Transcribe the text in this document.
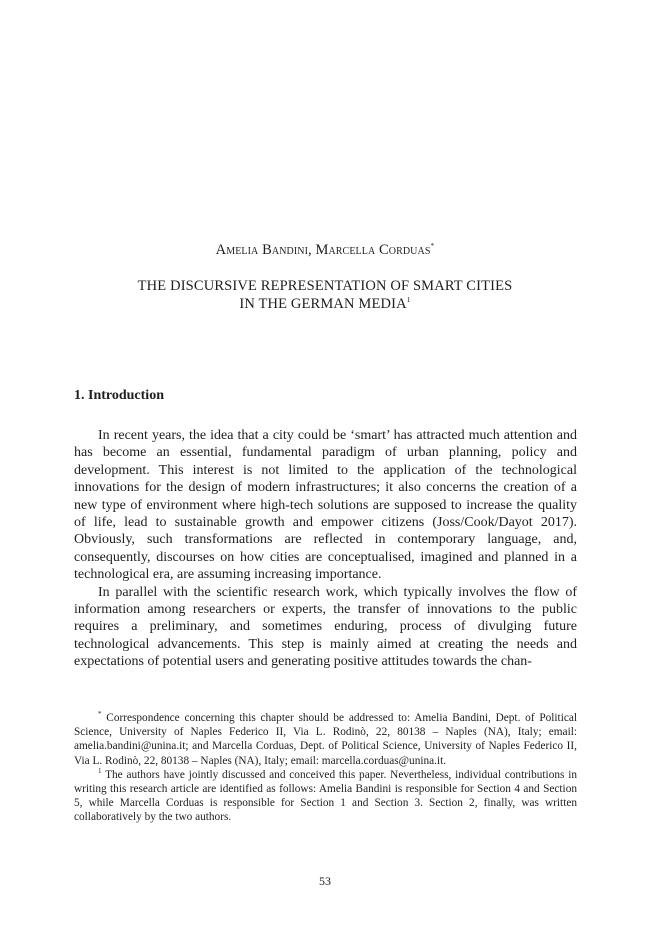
Amelia Bandini, Marcella Corduas*
THE DISCURSIVE REPRESENTATION OF SMART CITIES
IN THE GERMAN MEDIA$^1$
1. Introduction

In recent years, the idea that a city could be ‘smart’ has attracted much attention and has become an essential, fundamental paradigm of urban planning, policy and development. This interest is not limited to the application of the technological innovations for the design of modern infrastructures; it also concerns the creation of a new type of environment where high-tech solutions are supposed to increase the quality of life, lead to sustainable growth and empower citizens (Joss/Cook/Dayot 2017). Obviously, such transformations are reflected in contemporary language, and, consequently, discourses on how cities are conceptualised, imagined and planned in a technological era, are assuming increasing importance.

In parallel with the scientific research work, which typically involves the flow of information among researchers or experts, the transfer of innovations to the public requires a preliminary, and sometimes enduring, process of divulging future technological advancements. This step is mainly aimed at creating the needs and expectations of potential users and generating positive attitudes towards the chan-

* Correspondence concerning this chapter should be addressed to: Amelia Bandini, Dept. of Political Science, University of Naples Federico II, Via L. Rodinò, 22, 80138 – Naples (NA), Italy; email: amelia.bandini@unina.it; and Marcella Corduas, Dept. of Political Science, University of Naples Federico II, Via L. Rodinò, 22, 80138 – Naples (NA), Italy; email: marcella.corduas@unina.it.

$^1$ The authors have jointly discussed and conceived this paper. Nevertheless, individual contributions in writing this research article are identified as follows: Amelia Bandini is responsible for Section 4 and Section 5, while Marcella Corduas is responsible for Section 1 and Section 3. Section 2, finally, was written collaboratively by the two authors.

53
